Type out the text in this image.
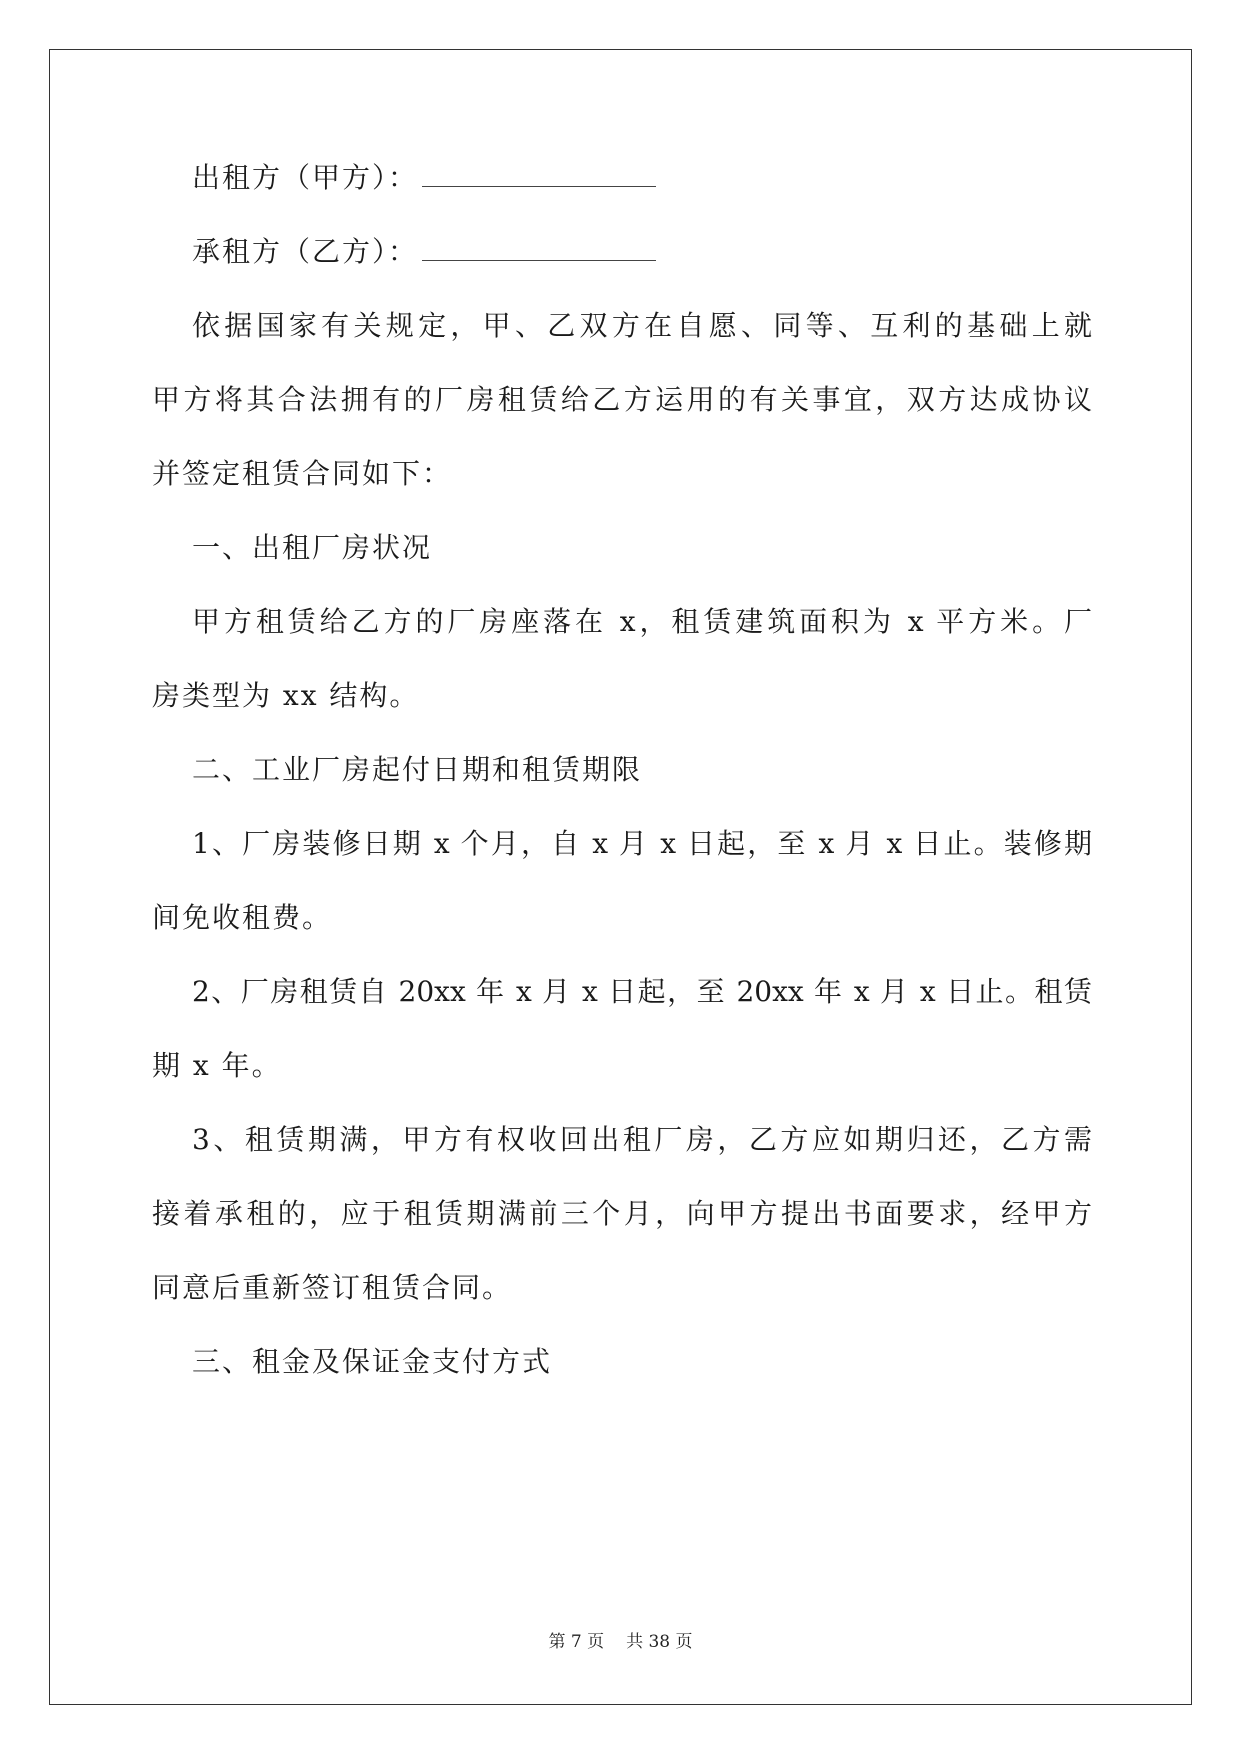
出租方（甲方）：
承租方（乙方）：
依据国家有关规定，甲、乙双方在自愿、同等、互利的基础上就
甲方将其合法拥有的厂房租赁给乙方运用的有关事宜，双方达成协议
并签定租赁合同如下：
一、出租厂房状况
甲方租赁给乙方的厂房座落在 x，租赁建筑面积为 x 平方米。厂
房类型为 xx 结构。
二、工业厂房起付日期和租赁期限
1、厂房装修日期 x 个月，自 x 月 x 日起，至 x 月 x 日止。装修期
间免收租费。
2、厂房租赁自 20xx 年 x 月 x 日起，至 20xx 年 x 月 x 日止。租赁
期 x 年。
3、租赁期满，甲方有权收回出租厂房，乙方应如期归还，乙方需
接着承租的，应于租赁期满前三个月，向甲方提出书面要求，经甲方
同意后重新签订租赁合同。
三、租金及保证金支付方式
第 7 页 共 38 页
